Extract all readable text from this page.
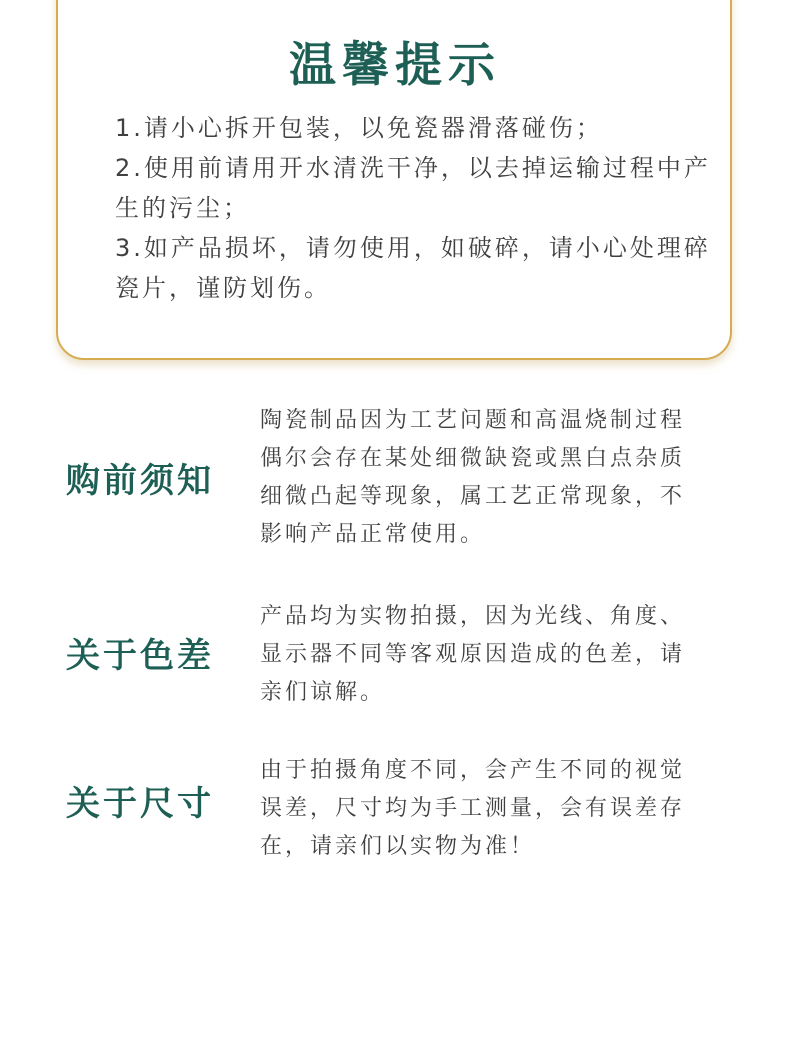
温馨提示
1.请小心拆开包装，以免瓷器滑落碰伤；
2.使用前请用开水清洗干净，以去掉运输过程中产生的污尘；
3.如产品损坏，请勿使用，如破碎，请小心处理碎瓷片，谨防划伤。
购前须知

陶瓷制品因为工艺问题和高温烧制过程
偶尔会存在某处细微缺瓷或黑白点杂质
细微凸起等现象，属工艺正常现象，不
影响产品正常使用。

关于色差

产品均为实物拍摄，因为光线、角度、
显示器不同等客观原因造成的色差，请
亲们谅解。

关于尺寸

由于拍摄角度不同，会产生不同的视觉
误差，尺寸均为手工测量，会有误差存
在，请亲们以实物为准！
